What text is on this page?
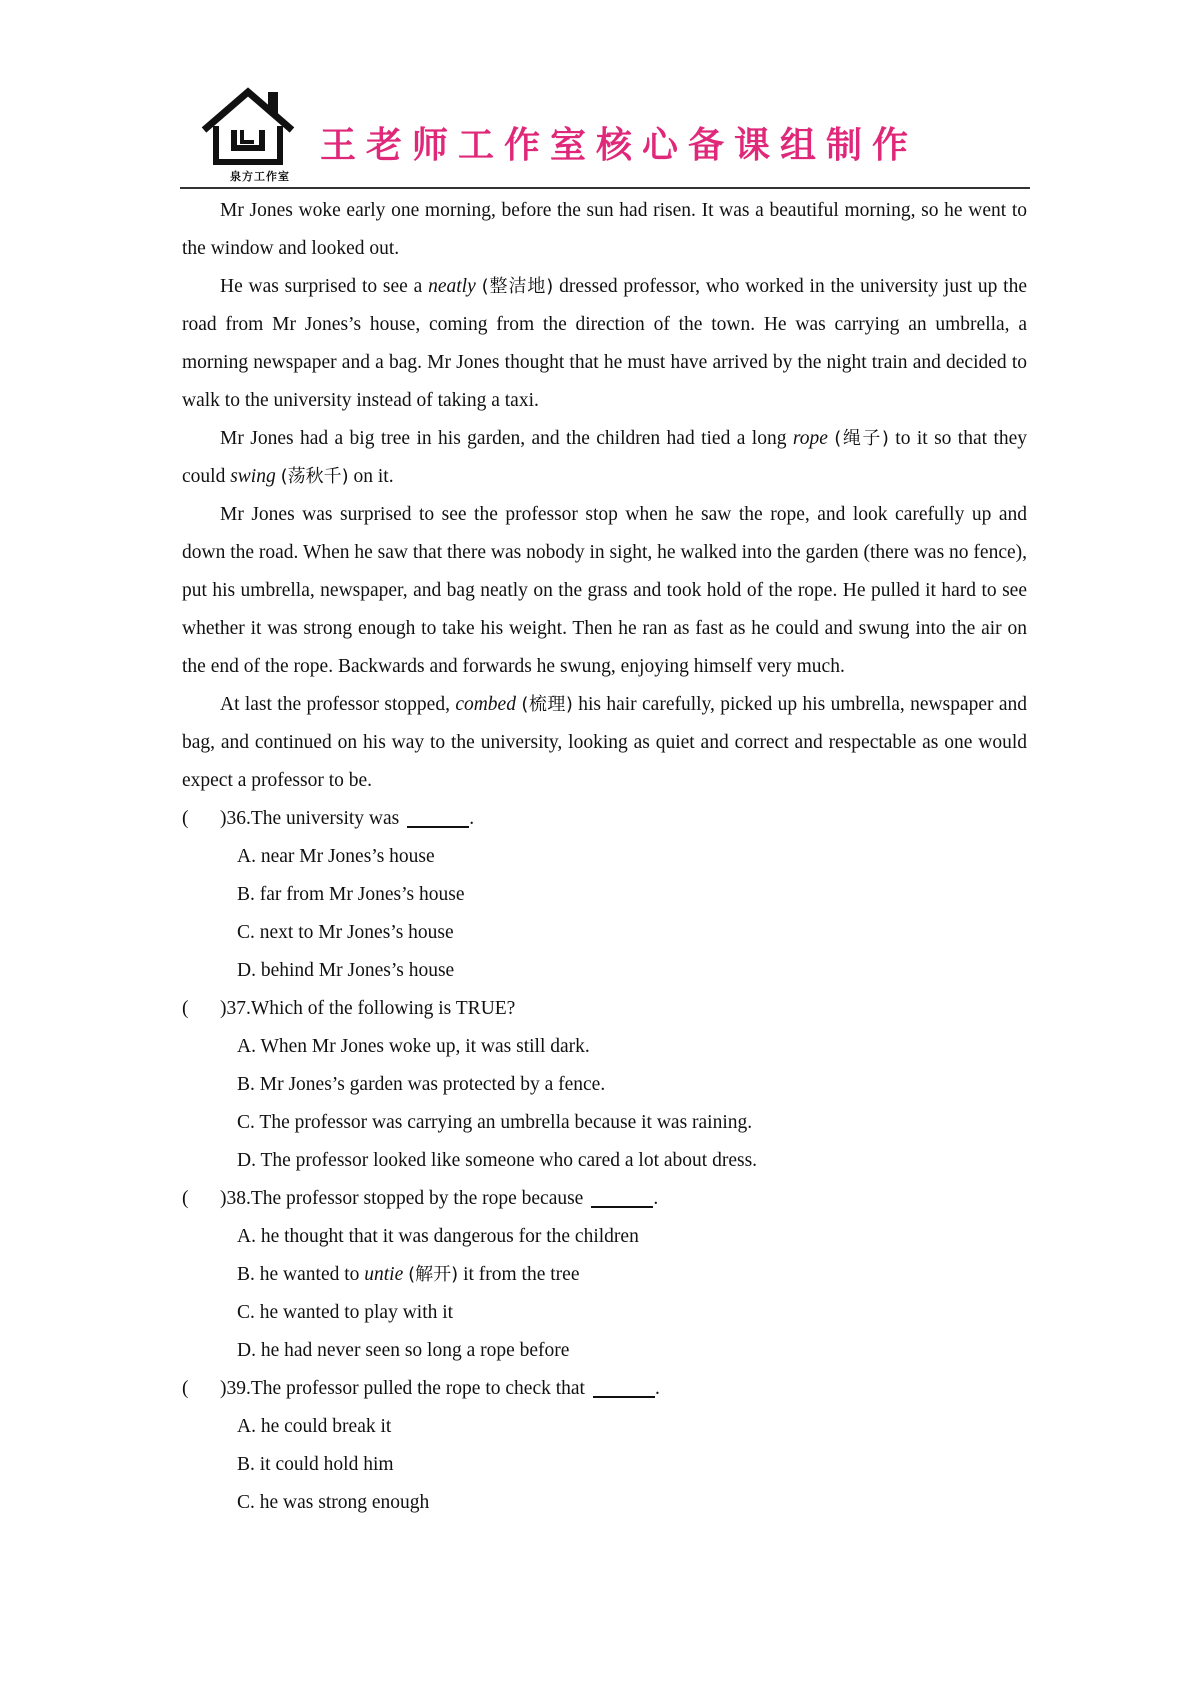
泉方工作室
王老师工作室核心备课组制作

Mr Jones woke early one morning, before the sun had risen. It was a beautiful morning, so he went to the window and looked out.

He was surprised to see a neatly (整洁地) dressed professor, who worked in the university just up the road from Mr Jones’s house, coming from the direction of the town. He was carrying an umbrella, a morning newspaper and a bag. Mr Jones thought that he must have arrived by the night train and decided to walk to the university instead of taking a taxi.

Mr Jones had a big tree in his garden, and the children had tied a long rope (绳子) to it so that they could swing (荡秋千) on it.

Mr Jones was surprised to see the professor stop when he saw the rope, and look carefully up and down the road. When he saw that there was nobody in sight, he walked into the garden (there was no fence), put his umbrella, newspaper, and bag neatly on the grass and took hold of the rope. He pulled it hard to see whether it was strong enough to take his weight. Then he ran as fast as he could and swung into the air on the end of the rope. Backwards and forwards he swung, enjoying himself very much.

At last the professor stopped, combed (梳理) his hair carefully, picked up his umbrella, newspaper and bag, and continued on his way to the university, looking as quiet and correct and respectable as one would expect a professor to be.

(	)36.The university was	.

A. near Mr Jones’s house

B. far from Mr Jones’s house

C. next to Mr Jones’s house

D. behind Mr Jones’s house

(	)37.Which of the following is TRUE?

A. When Mr Jones woke up, it was still dark.

B. Mr Jones’s garden was protected by a fence.

C. The professor was carrying an umbrella because it was raining.

D. The professor looked like someone who cared a lot about dress.

(	)38.The professor stopped by the rope because	.

A. he thought that it was dangerous for the children

B. he wanted to untie (解开) it from the tree

C. he wanted to play with it

D. he had never seen so long a rope before

(	)39.The professor pulled the rope to check that	.

A. he could break it

B. it could hold him

C. he was strong enough
